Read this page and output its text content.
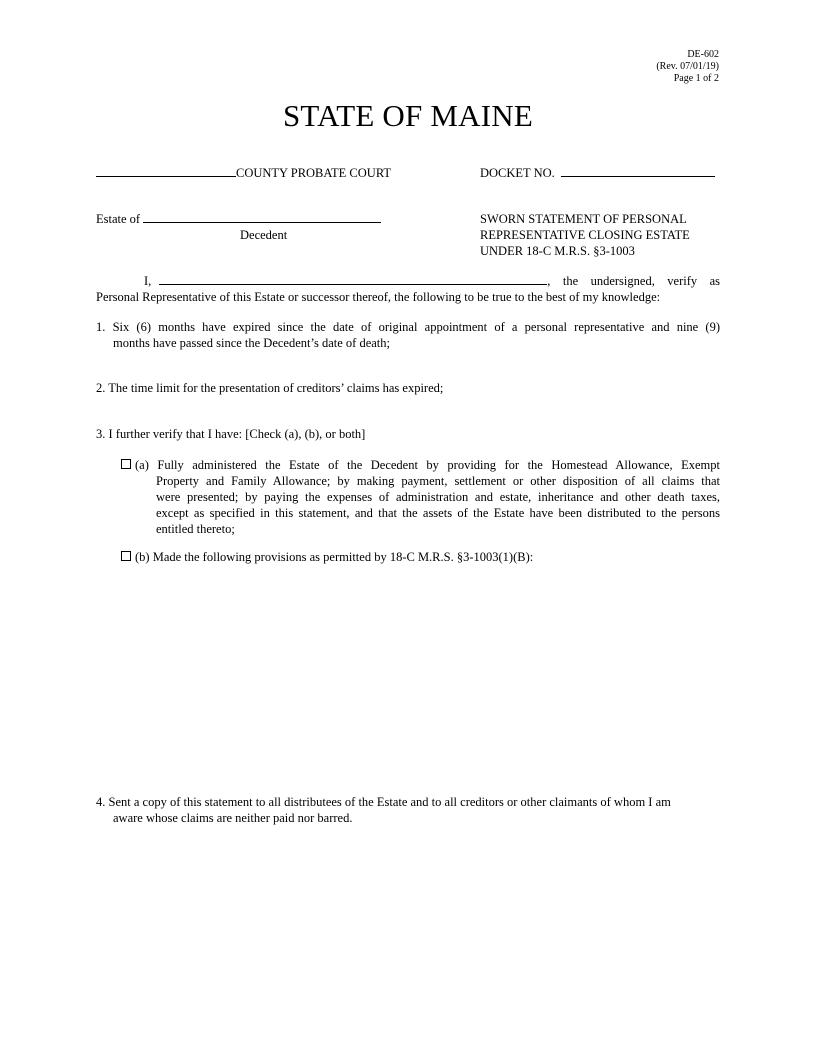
DE-602
(Rev. 07/01/19)
Page 1 of 2
STATE OF MAINE
COUNTY PROBATE COURT	DOCKET NO.
Estate of
Decedent
SWORN STATEMENT OF PERSONAL
REPRESENTATIVE CLOSING ESTATE
UNDER 18-C M.R.S. §3-1003
I,	, the undersigned, verify as
Personal Representative of this Estate or successor thereof, the following to be true to the best of my knowledge:
1. Six (6) months have expired since the date of original appointment of a personal representative and nine (9)
months have passed since the Decedent’s date of death;
2. The time limit for the presentation of creditors’ claims has expired;
3. I further verify that I have: [Check (a), (b), or both]
(a) Fully administered the Estate of the Decedent by providing for the Homestead Allowance, Exempt
Property and Family Allowance; by making payment, settlement or other disposition of all claims that
were presented; by paying the expenses of administration and estate, inheritance and other death taxes,
except as specified in this statement, and that the assets of the Estate have been distributed to the persons
entitled thereto;
(b) Made the following provisions as permitted by 18-C M.R.S. §3-1003(1)(B):
4. Sent a copy of this statement to all distributees of the Estate and to all creditors or other claimants of whom I am
aware whose claims are neither paid nor barred.
